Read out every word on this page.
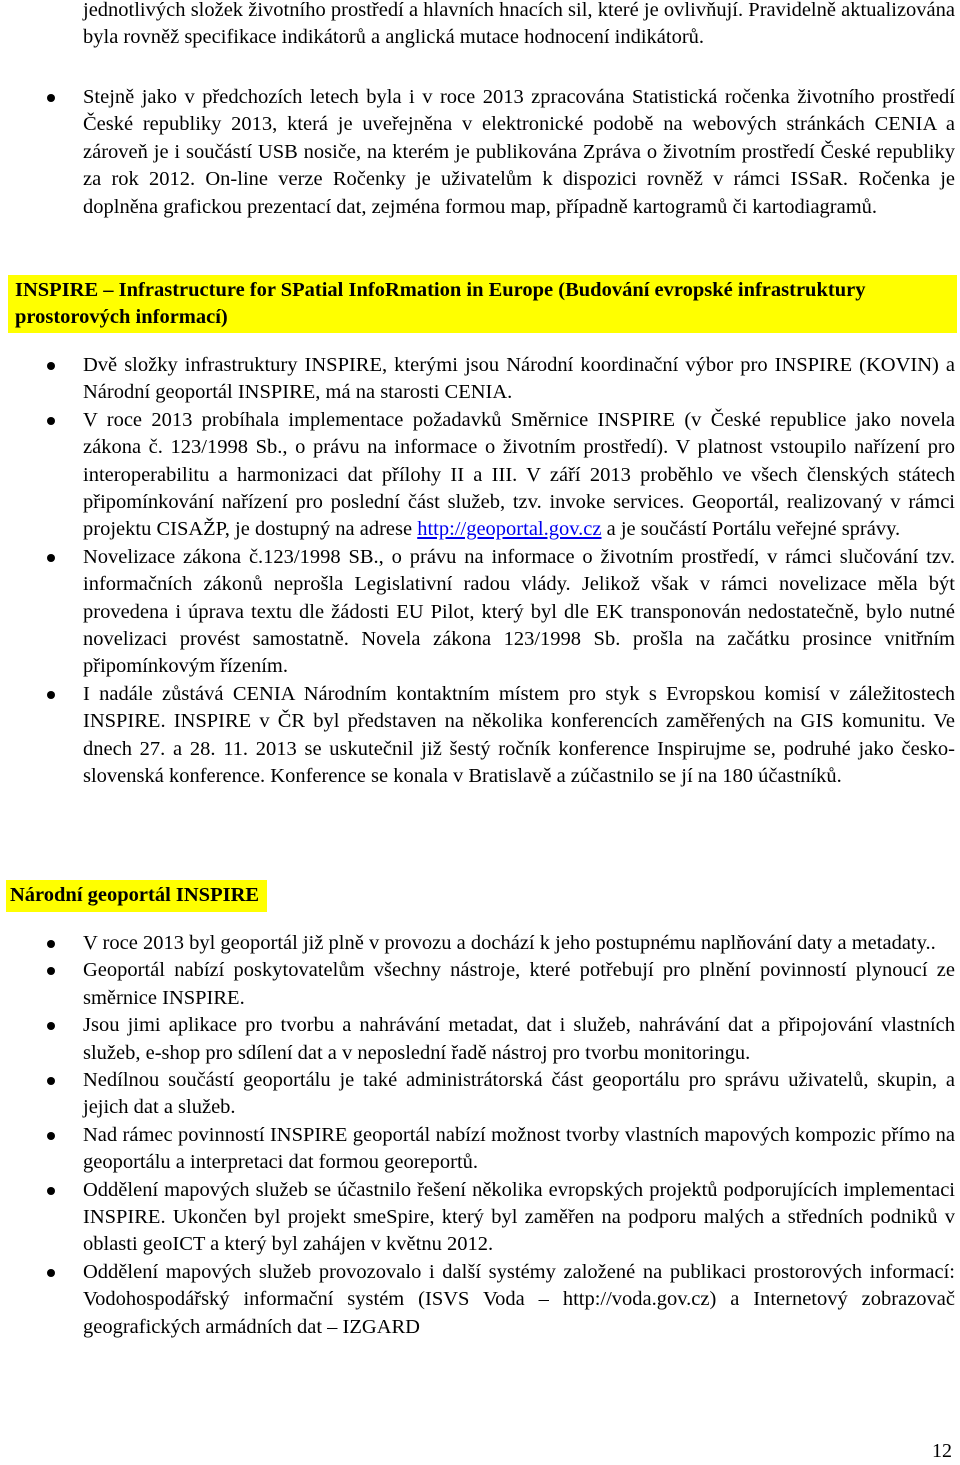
jednotlivých složek životního prostředí a hlavních hnacích sil, které je ovlivňují. Pravidelně aktualizována byla rovněž specifikace indikátorů a anglická mutace hodnocení indikátorů.

Stejně jako v předchozích letech byla i v roce 2013 zpracována Statistická ročenka životního prostředí České republiky 2013, která je uveřejněna v elektronické podobě na webových stránkách CENIA a zároveň je i součástí USB nosiče, na kterém je publikována Zpráva o životním prostředí České republiky za rok 2012. On-line verze Ročenky je uživatelům k dispozici rovněž v rámci ISSaR. Ročenka je doplněna grafickou prezentací dat, zejména formou map, případně kartogramů či kartodiagramů.
INSPIRE – Infrastructure for SPatial InfoRmation in Europe (Budování evropské infrastruktury prostorových informací)
Dvě složky infrastruktury INSPIRE, kterými jsou Národní koordinační výbor pro INSPIRE (KOVIN) a Národní geoportál INSPIRE, má na starosti CENIA.
V roce 2013 probíhala implementace požadavků Směrnice INSPIRE (v České republice jako novela zákona č. 123/1998 Sb., o právu na informace o životním prostředí). V platnost vstoupilo nařízení pro interoperabilitu a harmonizaci dat přílohy II a III. V září 2013 proběhlo ve všech členských státech připomínkování nařízení pro poslední část služeb, tzv. invoke services. Geoportál, realizovaný v rámci projektu CISAŽP, je dostupný na adrese http://geoportal.gov.cz a je součástí Portálu veřejné správy.
Novelizace zákona č.123/1998 SB., o právu na informace o životním prostředí, v rámci slučování tzv. informačních zákonů neprošla Legislativní radou vlády. Jelikož však v rámci novelizace měla být provedena i úprava textu dle žádosti EU Pilot, který byl dle EK transponován nedostatečně, bylo nutné novelizaci provést samostatně. Novela zákona 123/1998 Sb. prošla na začátku prosince vnitřním připomínkovým řízením.
I nadále zůstává CENIA Národním kontaktním místem pro styk s Evropskou komisí v záležitostech INSPIRE. INSPIRE v ČR byl představen na několika konferencích zaměřených na GIS komunitu. Ve dnech 27. a 28. 11. 2013 se uskutečnil již šestý ročník konference Inspirujme se, podruhé jako česko-slovenská konference. Konference se konala v Bratislavě a zúčastnilo se jí na 180 účastníků.
Národní geoportál INSPIRE
V roce 2013 byl geoportál již plně v provozu a dochází k jeho postupnému naplňování daty a metadaty..
Geoportál nabízí poskytovatelům všechny nástroje, které potřebují pro plnění povinností plynoucí ze směrnice INSPIRE.
Jsou jimi aplikace pro tvorbu a nahrávání metadat, dat i služeb, nahrávání dat a připojování vlastních služeb, e-shop pro sdílení dat a v neposlední řadě nástroj pro tvorbu monitoringu.
Nedílnou součástí geoportálu je také administrátorská část geoportálu pro správu uživatelů, skupin, a jejich dat a služeb.
Nad rámec povinností INSPIRE geoportál nabízí možnost tvorby vlastních mapových kompozic přímo na geoportálu a interpretaci dat formou georeportů.
Oddělení mapových služeb se účastnilo řešení několika evropských projektů podporujících implementaci INSPIRE. Ukončen byl projekt smeSpire, který byl zaměřen na podporu malých a středních podniků v oblasti geoICT a který byl zahájen v květnu 2012.
Oddělení mapových služeb provozovalo i další systémy založené na publikaci prostorových informací: Vodohospodářský informační systém (ISVS Voda – http://voda.gov.cz) a Internetový zobrazovač geografických armádních dat – IZGARD
12
